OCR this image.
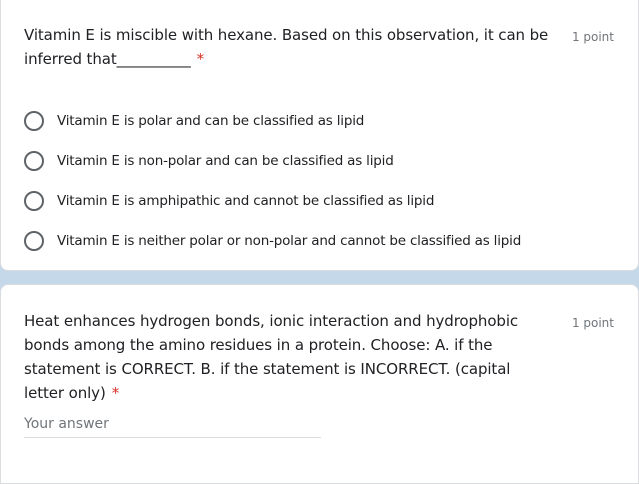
Vitamin E is miscible with hexane. Based on this observation, it can be inferred that__________ *
1 point
Vitamin E is polar and can be classified as lipid
Vitamin E is non-polar and can be classified as lipid
Vitamin E is amphipathic and cannot be classified as lipid
Vitamin E is neither polar or non-polar and cannot be classified as lipid
Heat enhances hydrogen bonds, ionic interaction and hydrophobic bonds among the amino residues in a protein. Choose: A. if the statement is CORRECT. B. if the statement is INCORRECT. (capital letter only) *
1 point
Your answer
